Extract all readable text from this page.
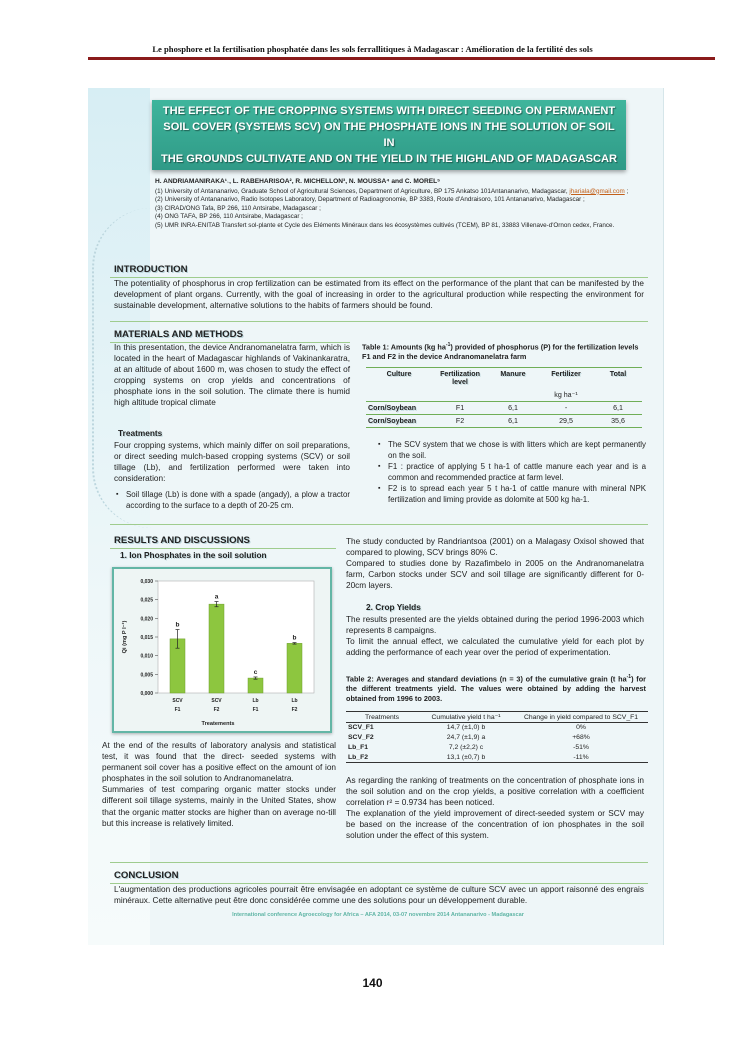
Le phosphore et la fertilisation phosphatée dans les sols ferrallitiques à Madagascar : Amélioration de la fertilité des sols
THE EFFECT OF THE CROPPING SYSTEMS WITH DIRECT SEEDING ON PERMANENT
SOIL COVER (SYSTEMS SCV) ON THE PHOSPHATE IONS IN THE SOLUTION OF SOIL IN
THE GROUNDS CULTIVATE AND ON THE YIELD IN THE HIGHLAND OF MADAGASCAR
H. ANDRIAMANIRAKA¹˒, L. RABEHARISOA², R. MICHELLON³, N. MOUSSA⁴ and C. MOREL⁵
(1) University of Antananarivo, Graduate School of Agricultural Sciences, Department of Agriculture, BP 175 Ankatso 101Antananarivo, Madagascar, jhariala@gmail.com ;
(2) University of Antananarivo, Radio Isotopes Laboratory, Department of Radioagronomie, BP 3383, Route d'Andraisoro, 101 Antananarivo, Madagascar ;
(3) CIRAD/ONG Tafa, BP 266, 110 Antsirabe, Madagascar ;
(4) ONG TAFA, BP 266, 110 Antsirabe, Madagascar ;
(5) UMR INRA-ENITAB Transfert sol-plante et Cycle des Eléments Minéraux dans les écosystèmes cultivés (TCEM), BP 81, 33883 Villenave-d'Ornon cedex, France.
INTRODUCTION
The potentiality of phosphorus in crop fertilization can be estimated from its effect on the performance of the plant that can be manifested by the development of plant organs. Currently, with the goal of increasing in order to the agricultural production while respecting the environment for sustainable development, alternative solutions to the habits of farmers should be found.
MATERIALS AND METHODS
In this presentation, the device Andranomanelatra farm, which is located in the heart of Madagascar highlands of Vakinankaratra, at an altitude of about 1600 m, was chosen to study the effect of cropping systems on crop yields and concentrations of phosphate ions in the soil solution. The climate there is humid high altitude tropical climate
Treatments
Four cropping systems, which mainly differ on soil preparations, or direct seeding mulch-based cropping systems (SCV) or soil tillage (Lb), and fertilization performed were taken into consideration:
▪ Soil tillage (Lb) is done with a spade (angady), a plow a tractor according to the surface to a depth of 20-25 cm.
Table 1: Amounts (kg $ha^{-1}$) provided of phosphorus (P) for the fertilization levels F1 and F2 in the device Andranomanelatra farm
Culture	Fertilization level	Manure	Fertilizer	Total
			kg ha⁻¹	
Corn/Soybean	F1	6,1	-	6,1
Corn/Soybean	F2	6,1	29,5	35,6
▪ The SCV system that we chose is with litters which are kept permanently on the soil.
▪ F1 : practice of applying 5 t ha-1 of cattle manure each year and is a common and recommended practice at farm level.
▪ F2 is to spread each year 5 t ha-1 of cattle manure with mineral NPK fertilization and liming provide as dolomite at 500 kg ha-1.
RESULTS AND DISCUSSIONS
1. Ion Phosphates in the soil solution
0,000
0,005
0,010
0,015
0,020
0,025
0,030
Qi (mg P l⁻¹)	b
SCV
F1
a
SCV
F2
c
Lb
F1
b
Lb
F2
Treatements

At the end of the results of laboratory analysis and statistical test, it was found that the direct- seeded systems with permanent soil cover has a positive effect on the amount of ion phosphates in the soil solution to Andranomanelatra.

Summaries of test comparing organic matter stocks under different soil tillage systems, mainly in the United States, show that the organic matter stocks are higher than on average no-till but this increase is relatively limited.

The study conducted by Randriantsoa (2001) on a Malagasy Oxisol showed that compared to plowing, SCV brings 80% C.

Compared to studies done by Razafimbelo in 2005 on the Andranomanelatra farm, Carbon stocks under SCV and soil tillage are significantly different for 0-20cm layers.

2. Crop Yields

The results presented are the yields obtained during the period 1996-2003 which represents 8 campaigns.

To limit the annual effect, we calculated the cumulative yield for each plot by adding the performance of each year over the period of experimentation.

Table 2: Averages and standard deviations (n = 3) of the cumulative grain (t $ha^{-1}$) for the different treatments yield. The values were obtained by adding the harvest obtained from 1996 to 2003.
Treatments	Cumulative yield t ha⁻¹	Change in yield compared to SCV_F1
SCV_F1	14,7 (±1,0) b	0%
SCV_F2	24,7 (±1,9) a	+68%
Lb_F1	7,2 (±2,2) c	-51%
Lb_F2	13,1 (±0,7) b	-11%

As regarding the ranking of treatments on the concentration of phosphate ions in the soil solution and on the crop yields, a positive correlation with a coefficient correlation r² = 0.9734 has been noticed.

The explanation of the yield improvement of direct-seeded system or SCV may be based on the increase of the concentration of ion phosphates in the soil solution under the effect of this system.

CONCLUSION
L'augmentation des productions agricoles pourrait être envisagée en adoptant ce système de culture SCV avec un apport raisonné des engrais minéraux. Cette alternative peut être donc considérée comme une des solutions pour un développement durable.
International conference Agroecology for Africa – AFA 2014, 03-07 novembre 2014 Antananarivo - Madagascar
140
